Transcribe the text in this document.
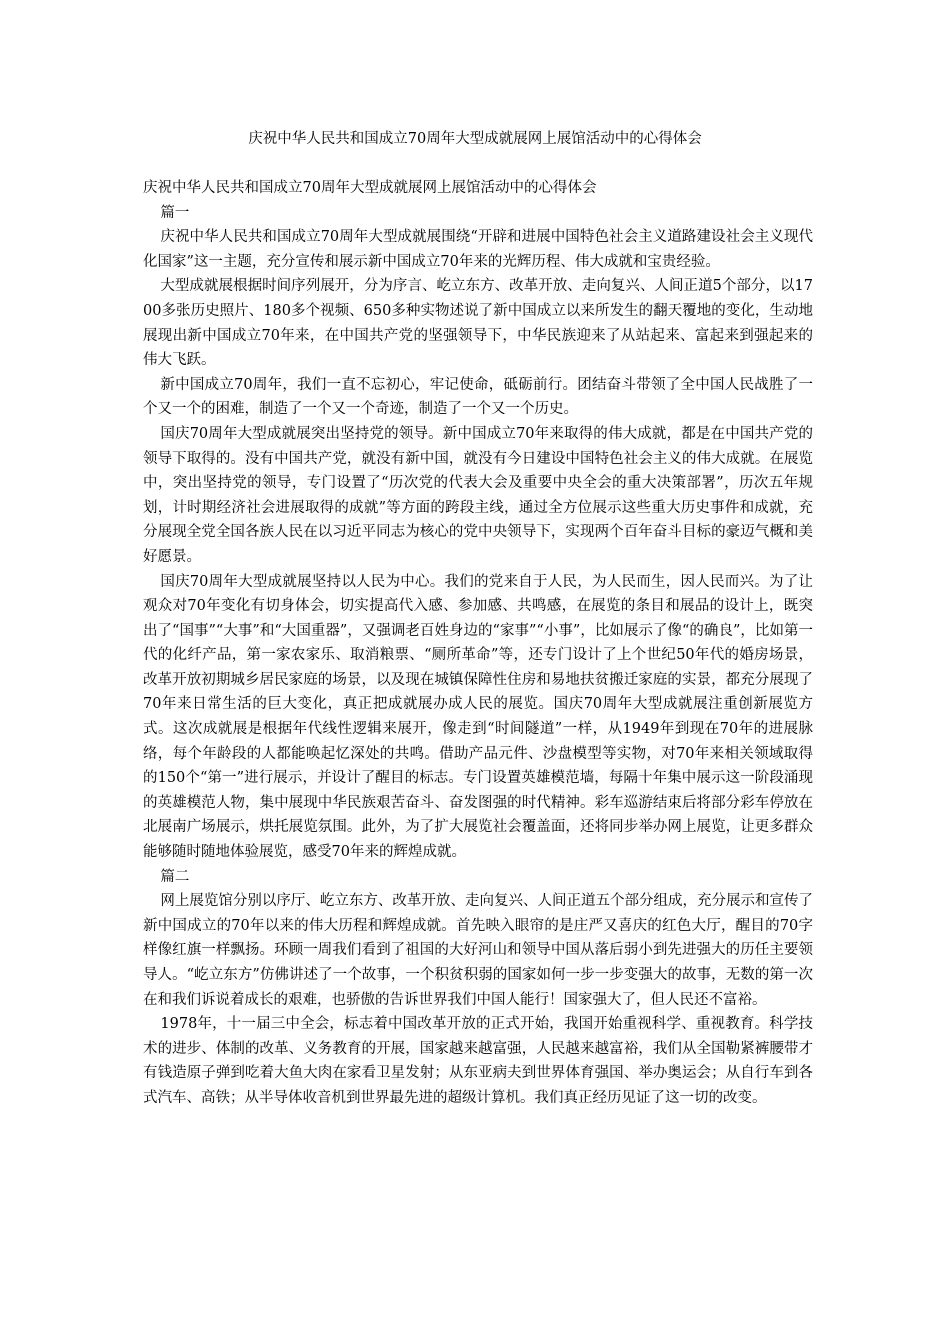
庆祝中华人民共和国成立70周年大型成就展网上展馆活动中的心得体会

庆祝中华人民共和国成立70周年大型成就展网上展馆活动中的心得体会

篇一

庆祝中华人民共和国成立70周年大型成就展围绕“开辟和进展中国特色社会主义道路建设社会主义现代化国家”这一主题，充分宣传和展示新中国成立70年来的光辉历程、伟大成就和宝贵经验。

大型成就展根据时间序列展开，分为序言、屹立东方、改革开放、走向复兴、人间正道5个部分，以1700多张历史照片、180多个视频、650多种实物述说了新中国成立以来所发生的翻天覆地的变化，生动地展现出新中国成立70年来，在中国共产党的坚强领导下，中华民族迎来了从站起来、富起来到强起来的伟大飞跃。

新中国成立70周年，我们一直不忘初心，牢记使命，砥砺前行。团结奋斗带领了全中国人民战胜了一个又一个的困难，制造了一个又一个奇迹，制造了一个又一个历史。

国庆70周年大型成就展突出坚持党的领导。新中国成立70年来取得的伟大成就，都是在中国共产党的领导下取得的。没有中国共产党，就没有新中国，就没有今日建设中国特色社会主义的伟大成就。在展览中，突出坚持党的领导，专门设置了“历次党的代表大会及重要中央全会的重大决策部署”，历次五年规划，计时期经济社会进展取得的成就”等方面的跨段主线，通过全方位展示这些重大历史事件和成就，充分展现全党全国各族人民在以习近平同志为核心的党中央领导下，实现两个百年奋斗目标的豪迈气概和美好愿景。

国庆70周年大型成就展坚持以人民为中心。我们的党来自于人民，为人民而生，因人民而兴。为了让观众对70年变化有切身体会，切实提高代入感、参加感、共鸣感，在展览的条目和展品的设计上，既突出了“国事”“大事”和“大国重器”，又强调老百姓身边的“家事”“小事”，比如展示了像“的确良”，比如第一代的化纤产品，第一家农家乐、取消粮票、“厕所革命”等，还专门设计了上个世纪50年代的婚房场景，改革开放初期城乡居民家庭的场景，以及现在城镇保障性住房和易地扶贫搬迁家庭的实景，都充分展现了70年来日常生活的巨大变化，真正把成就展办成人民的展览。国庆70周年大型成就展注重创新展览方式。这次成就展是根据年代线性逻辑来展开，像走到“时间隧道”一样，从1949年到现在70年的进展脉络，每个年龄段的人都能唤起忆深处的共鸣。借助产品元件、沙盘模型等实物，对70年来相关领域取得的150个“第一”进行展示，并设计了醒目的标志。专门设置英雄模范墙，每隔十年集中展示这一阶段涌现的英雄模范人物，集中展现中华民族艰苦奋斗、奋发图强的时代精神。彩车巡游结束后将部分彩车停放在北展南广场展示，烘托展览氛围。此外，为了扩大展览社会覆盖面，还将同步举办网上展览，让更多群众能够随时随地体验展览，感受70年来的辉煌成就。

篇二

网上展览馆分别以序厅、屹立东方、改革开放、走向复兴、人间正道五个部分组成，充分展示和宣传了新中国成立的70年以来的伟大历程和辉煌成就。首先映入眼帘的是庄严又喜庆的红色大厅，醒目的70字样像红旗一样飘扬。环顾一周我们看到了祖国的大好河山和领导中国从落后弱小到先进强大的历任主要领导人。“屹立东方”仿佛讲述了一个故事，一个积贫积弱的国家如何一步一步变强大的故事，无数的第一次在和我们诉说着成长的艰难，也骄傲的告诉世界我们中国人能行！国家强大了，但人民还不富裕。

1978年，十一届三中全会，标志着中国改革开放的正式开始，我国开始重视科学、重视教育。科学技术的进步、体制的改革、义务教育的开展，国家越来越富强，人民越来越富裕，我们从全国勒紧裤腰带才有钱造原子弹到吃着大鱼大肉在家看卫星发射；从东亚病夫到世界体育强国、举办奥运会；从自行车到各式汽车、高铁；从半导体收音机到世界最先进的超级计算机。我们真正经历见证了这一切的改变。
